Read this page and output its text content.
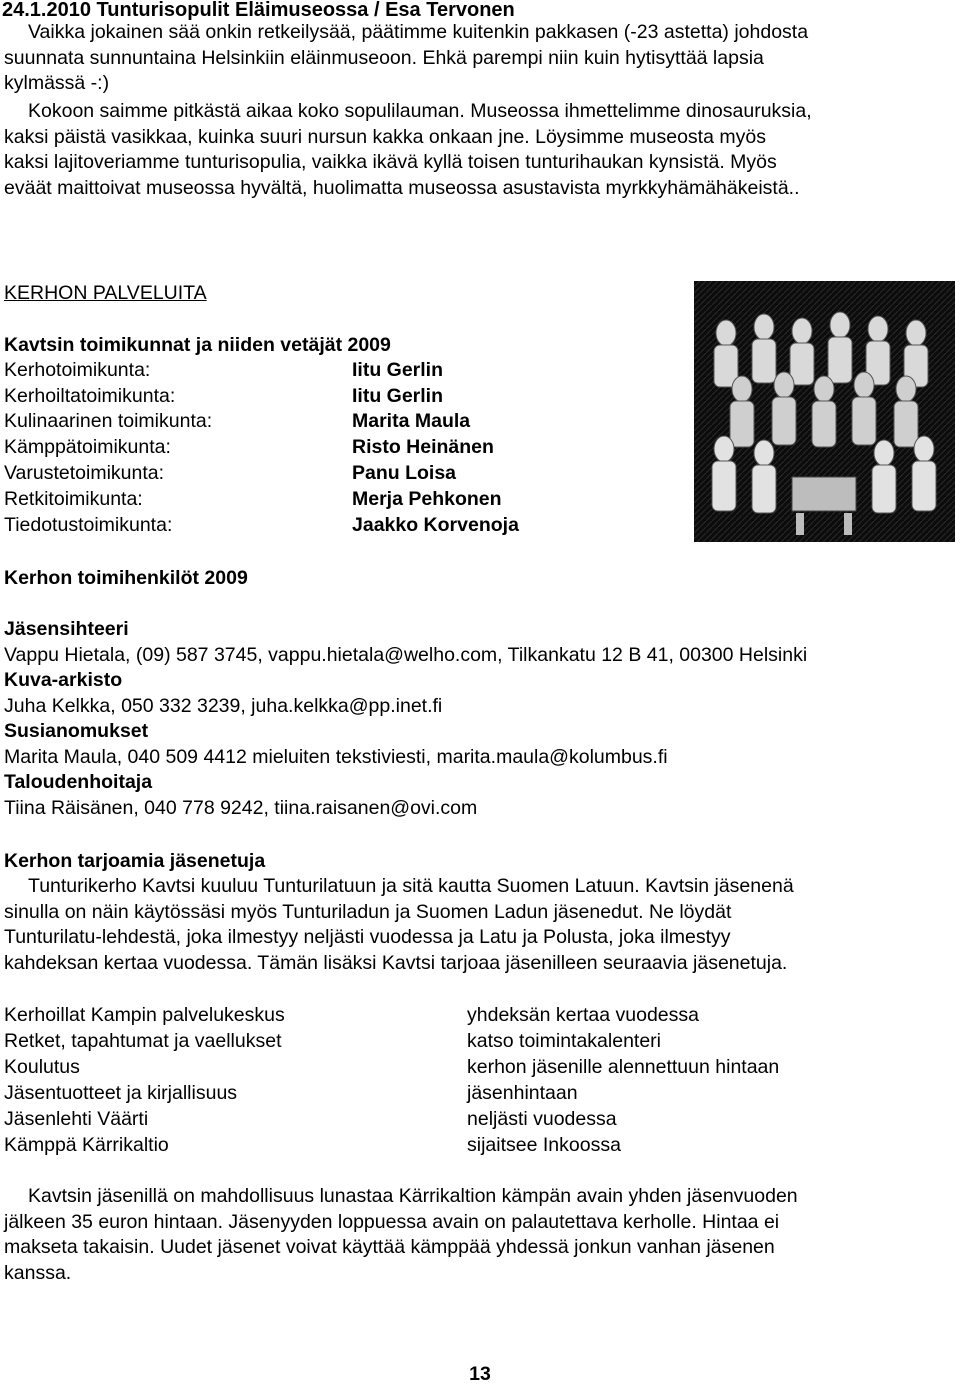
24.1.2010 Tunturisopulit Eläimuseossa / Esa Tervonen
Vaikka jokainen sää onkin retkeilysää, päätimme kuitenkin pakkasen (-23 astetta) johdosta
suunnata sunnuntaina Helsinkiin eläinmuseoon. Ehkä parempi niin kuin hytisyttää lapsia
kylmässä -:)
Kokoon saimme pitkästä aikaa koko sopulilauman. Museossa ihmettelimme dinosauruksia,
kaksi päistä vasikkaa, kuinka suuri nursun kakka onkaan jne. Löysimme museosta myös
kaksi lajitoveriamme tunturisopulia, vaikka ikävä kyllä toisen tunturihaukan kynsistä. Myös
eväät maittoivat museossa hyvältä, huolimatta museossa asustavista myrkkyhämähäkeistä..
KERHON PALVELUITA
Kavtsin toimikunnat ja niiden vetäjät 2009
Kerhotoimikunta:	Iitu Gerlin
Kerhoiltatoimikunta:	Iitu Gerlin
Kulinaarinen toimikunta:	Marita Maula
Kämppätoimikunta:	Risto Heinänen
Varustetoimikunta:	Panu Loisa
Retkitoimikunta:	Merja Pehkonen
Tiedotustoimikunta:	Jaakko Korvenoja
Kerhon toimihenkilöt 2009
Jäsensihteeri
Vappu Hietala, (09) 587 3745, vappu.hietala@welho.com, Tilkankatu 12 B 41, 00300 Helsinki
Kuva-arkisto
Juha Kelkka, 050 332 3239, juha.kelkka@pp.inet.fi
Susianomukset
Marita Maula, 040 509 4412 mieluiten tekstiviesti, marita.maula@kolumbus.fi
Taloudenhoitaja
Tiina Räisänen, 040 778 9242, tiina.raisanen@ovi.com
Kerhon tarjoamia jäsenetuja
Tunturikerho Kavtsi kuuluu Tunturilatuun ja sitä kautta Suomen Latuun. Kavtsin jäsenenä
sinulla on näin käytössäsi myös Tunturiladun ja Suomen Ladun jäsenedut. Ne löydät
Tunturilatu-lehdestä, joka ilmestyy neljästi vuodessa ja Latu ja Polusta, joka ilmestyy
kahdeksan kertaa vuodessa. Tämän lisäksi Kavtsi tarjoaa jäsenilleen seuraavia jäsenetuja.
Kerhoillat Kampin palvelukeskus	yhdeksän kertaa vuodessa
Retket, tapahtumat ja vaellukset	katso toimintakalenteri
Koulutus	kerhon jäsenille alennettuun hintaan
Jäsentuotteet ja kirjallisuus	jäsenhintaan
Jäsenlehti Väärti	neljästi vuodessa
Kämppä Kärrikaltio	sijaitsee Inkoossa
Kavtsin jäsenillä on mahdollisuus lunastaa Kärrikaltion kämpän avain yhden jäsenvuoden
jälkeen 35 euron hintaan. Jäsenyyden loppuessa avain on palautettava kerholle. Hintaa ei
makseta takaisin. Uudet jäsenet voivat käyttää kämppää yhdessä jonkun vanhan jäsenen
kanssa.
13
